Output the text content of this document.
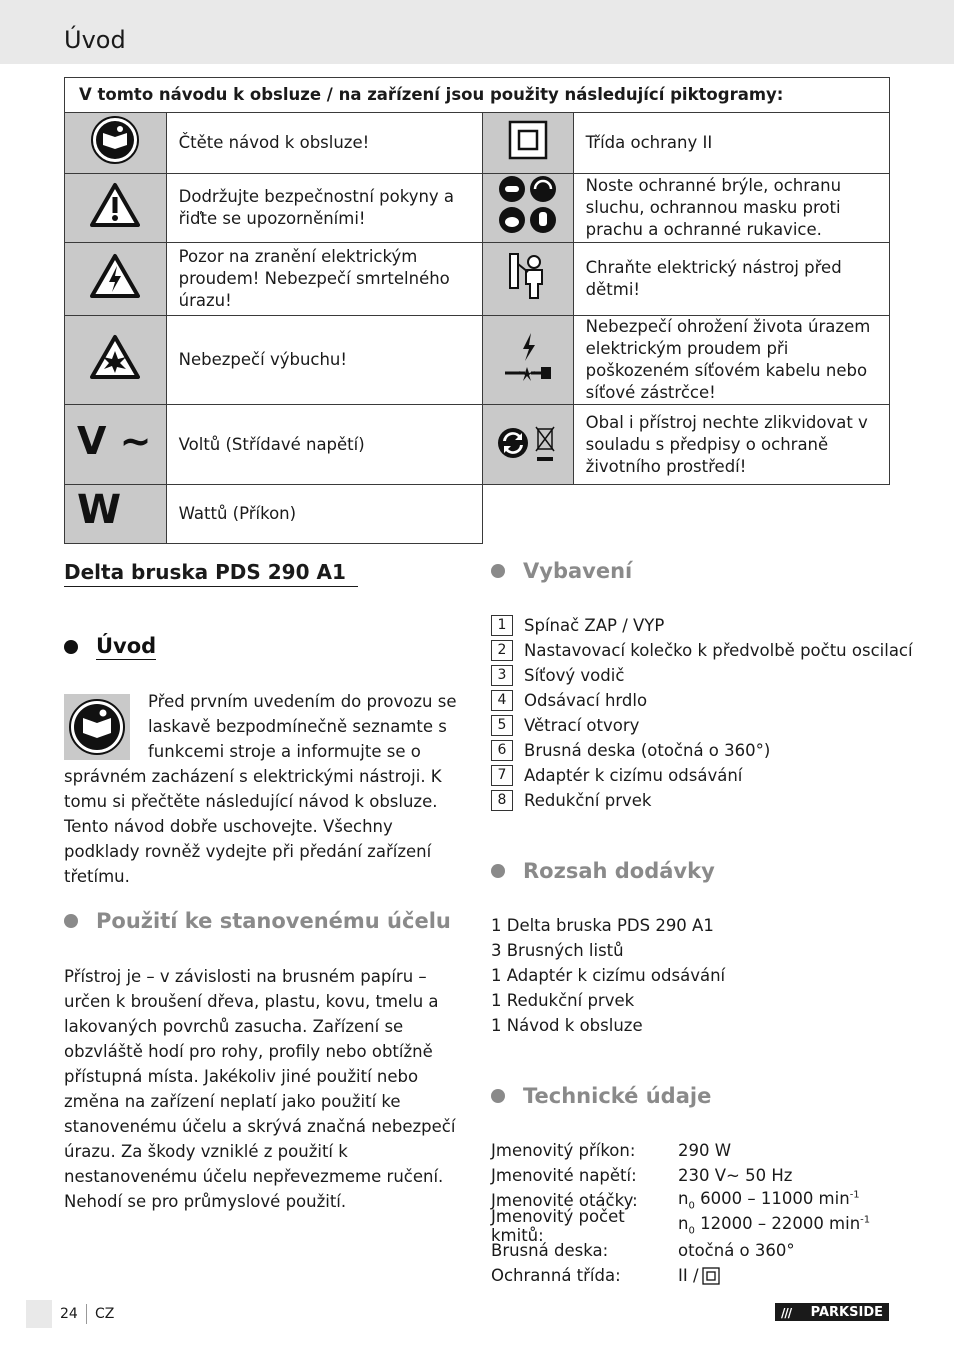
Úvod
V tomto návodu k obsluze / na zařízení jsou použity následující piktogramy:			
	Čtěte návod k obsluze!		Třída ochrany II
	Dodržujte bezpečnostní pokyny a řiďte se upozorněními!		Noste ochranné brýle, ochranu sluchu, ochrannou masku proti prachu a ochranné rukavice.
	Pozor na zranění elektrickým proudem! Nebezpečí smrtelného úrazu!		Chraňte elektrický nástroj před dětmi!
	Nebezpečí výbuchu!		Nebezpečí ohrožení života úrazem elektrickým proudem při poškozeném síťovém kabelu nebo síťové zástrčce!
V ~	Voltů (Střídavé napětí)		Obal i přístroj nechte zlikvidovat v souladu s předpisy o ochraně životního prostředí!
W	Wattů (Příkon)		
Delta bruska PDS 290 A1
Úvod
Před prvním uvedením do provozu se laskavě bezpodmínečně seznamte s funkcemi stroje a informujte se o správném zacházení s elektrickými nástroji. K tomu si přečtěte následující návod k obsluze. Tento návod dobře uschovejte. Všechny podklady rovněž vydejte při předání zařízení třetímu.
Použití ke stanovenému účelu
Přístroj je – v závislosti na brusném papíru – určen k broušení dřeva, plastu, kovu, tmelu a lakovaných povrchů zasucha. Zařízení se obzvláště hodí pro rohy, profily nebo obtížně přístupná místa. Jakékoliv jiné použití nebo změna na zařízení neplatí jako použití ke stanovenému účelu a skrývá značná nebezpečí úrazu. Za škody vzniklé z použití k nestanovenému účelu nepřevezmeme ručení. Nehodí se pro průmyslové použití.
Vybavení
1	Spínač ZAP / VYP
2	Nastavovací kolečko k předvolbě počtu oscilací
3	Síťový vodič
4	Odsávací hrdlo
5	Větrací otvory
6	Brusná deska (otočná o 360°)
7	Adaptér k cizímu odsávání
8	Redukční prvek
Rozsah dodávky
1 Delta bruska PDS 290 A1
3 Brusných listů
1 Adaptér k cizímu odsávání
1 Redukční prvek
1 Návod k obsluze
Technické údaje
Jmenovitý příkon:	290 W
Jmenovité napětí:	230 V~ 50 Hz
Jmenovité otáčky:	$n_0$ 6000 – 11000 $\min^{-1}$
Jmenovitý počet kmitů:
$n_0$ 12000 – 22000 $\min^{-1}$
Brusná deska:	otočná o 360°
Ochranná třída:	II /
24 CZ	/// PARKSIDE
